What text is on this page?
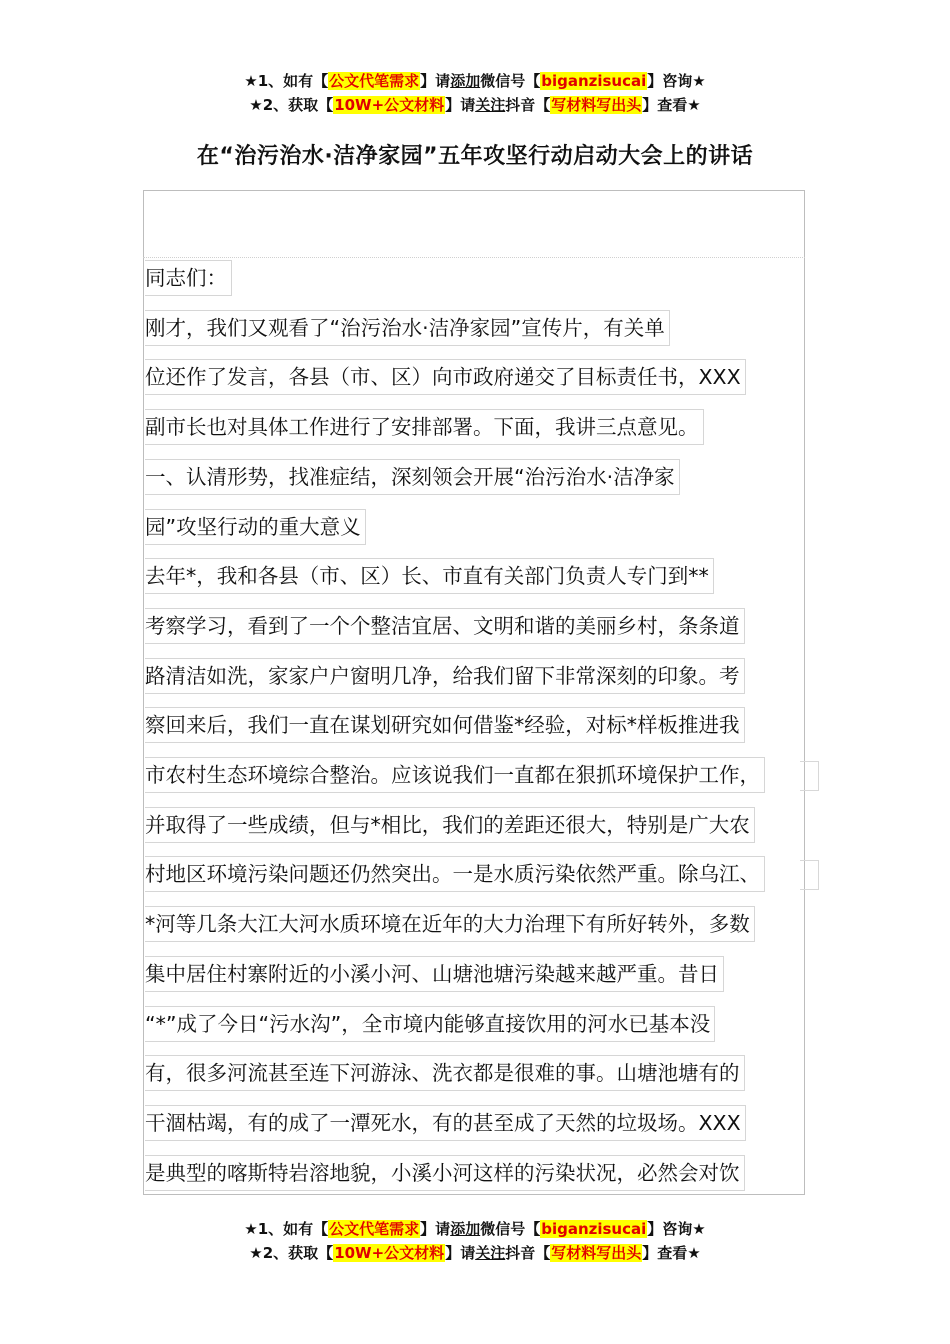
★1、如有【公文代笔需求】请添加微信号【biganzisucai】咨询★
★2、获取【10W+公文材料】请关注抖音【写材料写出头】查看★
在“治污治水·洁净家园”五年攻坚行动启动大会上的讲话
同志们：
刚才，我们又观看了“治污治水·洁净家园”宣传片，有关单
位还作了发言，各县（市、区）向市政府递交了目标责任书，XXX
副市长也对具体工作进行了安排部署。下面，我讲三点意见。
一、认清形势，找准症结，深刻领会开展“治污治水·洁净家
园”攻坚行动的重大意义
去年*，我和各县（市、区）长、市直有关部门负责人专门到**
考察学习，看到了一个个整洁宜居、文明和谐的美丽乡村，条条道
路清洁如洗，家家户户窗明几净，给我们留下非常深刻的印象。考
察回来后，我们一直在谋划研究如何借鉴*经验，对标*样板推进我
市农村生态环境综合整治。应该说我们一直都在狠抓环境保护工作，
并取得了一些成绩，但与*相比，我们的差距还很大，特别是广大农
村地区环境污染问题还仍然突出。一是水质污染依然严重。除乌江、
*河等几条大江大河水质环境在近年的大力治理下有所好转外，多数
集中居住村寨附近的小溪小河、山塘池塘污染越来越严重。昔日
“*”成了今日“污水沟”，全市境内能够直接饮用的河水已基本没
有，很多河流甚至连下河游泳、洗衣都是很难的事。山塘池塘有的
干涸枯竭，有的成了一潭死水，有的甚至成了天然的垃圾场。XXX
是典型的喀斯特岩溶地貌，小溪小河这样的污染状况，必然会对饮
★1、如有【公文代笔需求】请添加微信号【biganzisucai】咨询★
★2、获取【10W+公文材料】请关注抖音【写材料写出头】查看★
